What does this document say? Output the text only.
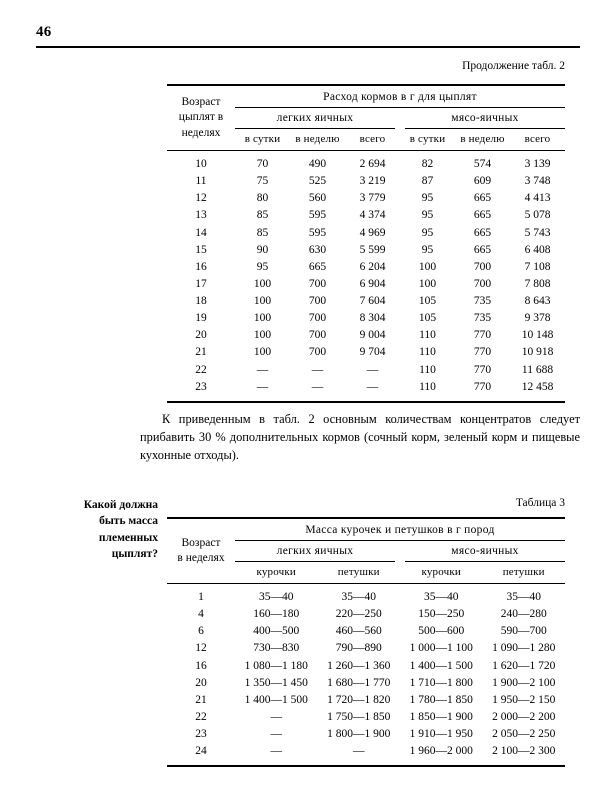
46
Продолжение табл. 2
Возраст
цыплят в
неделях
Расход кормов в г для цыплят
легких яичных	мясо-яичных
в сутки	в неделю	всего	в сутки	в неделю	всего
10	70	490	2 694	82	574	3 139
11	75	525	3 219	87	609	3 748
12	80	560	3 779	95	665	4 413
13	85	595	4 374	95	665	5 078
14	85	595	4 969	95	665	5 743
15	90	630	5 599	95	665	6 408
16	95	665	6 204	100	700	7 108
17	100	700	6 904	100	700	7 808
18	100	700	7 604	105	735	8 643
19	100	700	8 304	105	735	9 378
20	100	700	9 004	110	770	10 148
21	100	700	9 704	110	770	10 918
22	—	—	—	110	770	11 688
23	—	—	—	110	770	12 458
К приведенным в табл. 2 основным количествам концентратов следует прибавить 30 % дополнительных кормов (сочный корм, зеленый корм и пищевые кухонные отходы).
Какой должна
быть масса
племенных
цыплят?
Таблица 3
Возраст
в неделях
Масса курочек и петушков в г пород
легких яичных	мясо-яичных
курочки	петушки	курочки	петушки
1	35—40	35—40	35—40	35—40
4	160—180	220—250	150—250	240—280
6	400—500	460—560	500—600	590—700
12	730—830	790—890	1 000—1 100	1 090—1 280
16	1 080—1 180	1 260—1 360	1 400—1 500	1 620—1 720
20	1 350—1 450	1 680—1 770	1 710—1 800	1 900—2 100
21	1 400—1 500	1 720—1 820	1 780—1 850	1 950—2 150
22	—	1 750—1 850	1 850—1 900	2 000—2 200
23	—	1 800—1 900	1 910—1 950	2 050—2 250
24	—	—	1 960—2 000	2 100—2 300
